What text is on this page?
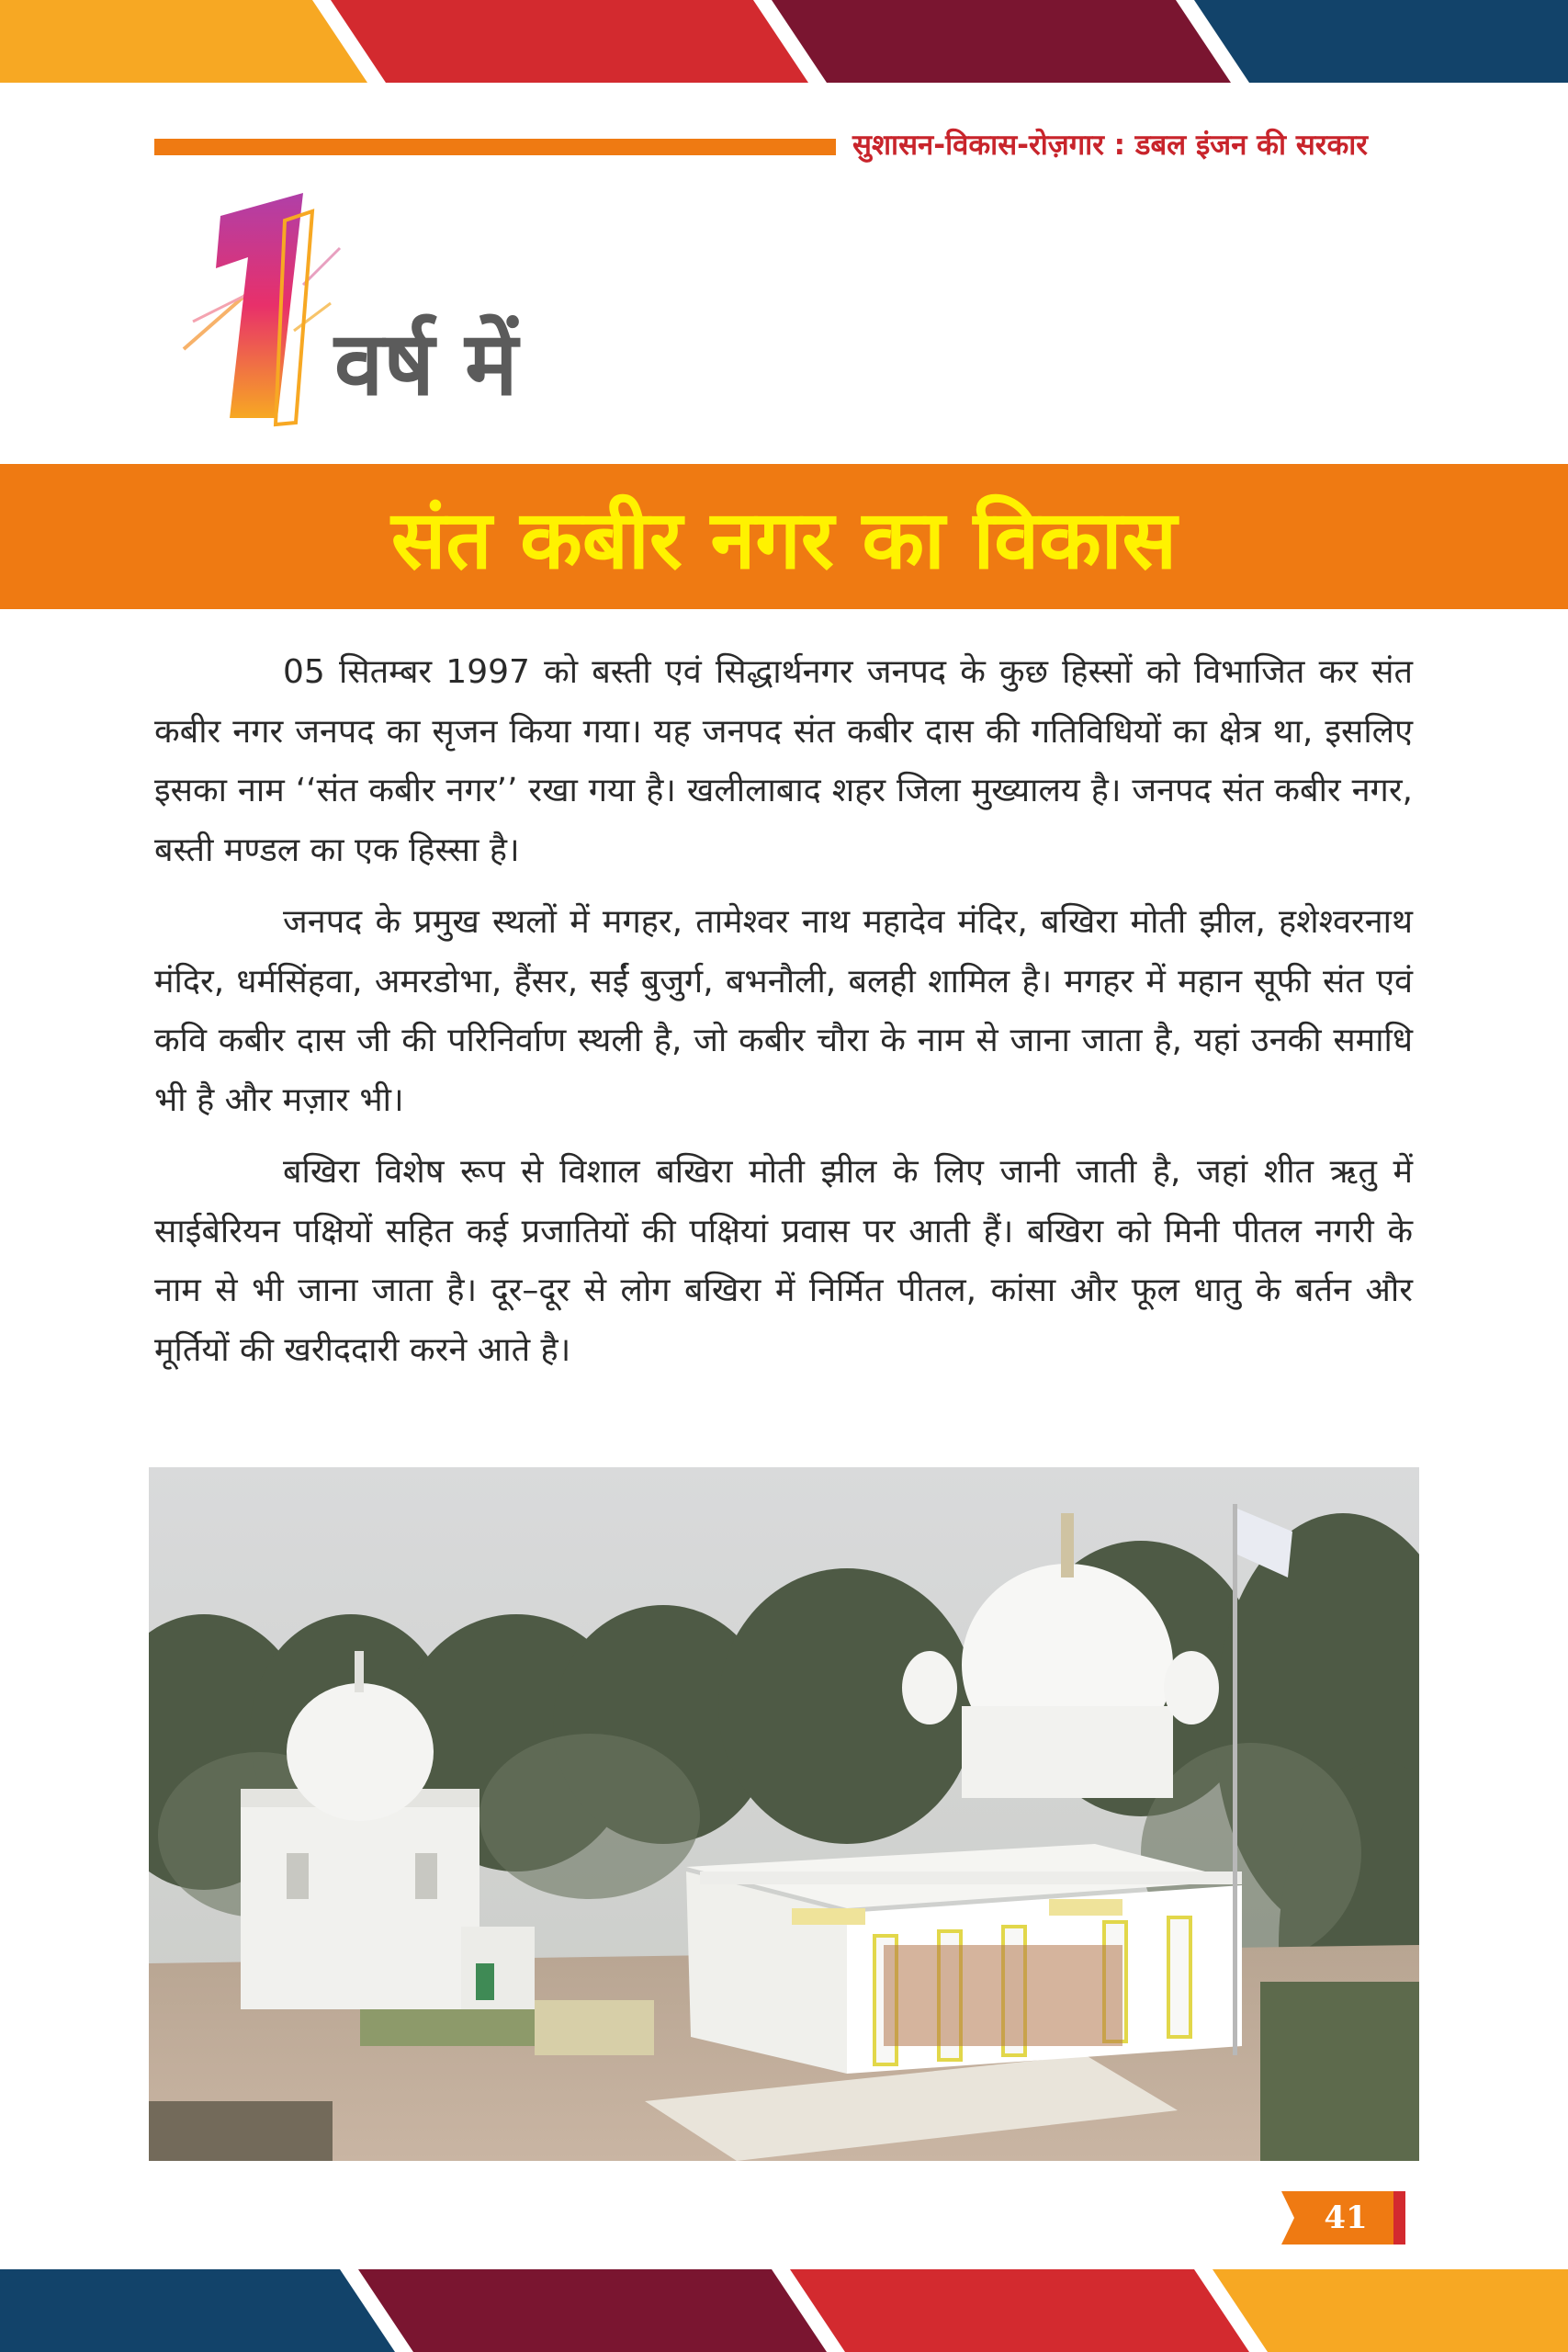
सुशासन-विकास-रोज़गार : डबल इंजन की सरकार
वर्ष में
संत कबीर नगर का विकास

05 सितम्बर 1997 को बस्ती एवं सिद्धार्थनगर जनपद के कुछ हिस्सों को विभाजित कर संत कबीर नगर जनपद का सृजन किया गया। यह जनपद संत कबीर दास की गतिविधियों का क्षेत्र था, इसलिए इसका नाम ‘‘संत कबीर नगर’’ रखा गया है। खलीलाबाद शहर जिला मुख्यालय है। जनपद संत कबीर नगर, बस्ती मण्डल का एक हिस्सा है।

जनपद के प्रमुख स्थलों में मगहर, तामेश्वर नाथ महादेव मंदिर, बखिरा मोती झील, हशेश्वरनाथ मंदिर, धर्मसिंहवा, अमरडोभा, हैंसर, सईं बुजुर्ग, बभनौली, बलही शामिल है। मगहर में महान सूफी संत एवं कवि कबीर दास जी की परिनिर्वाण स्थली है, जो कबीर चौरा के नाम से जाना जाता है, यहां उनकी समाधि भी है और मज़ार भी।

बखिरा विशेष रूप से विशाल बखिरा मोती झील के लिए जानी जाती है, जहां शीत ऋतु में साईबेरियन पक्षियों सहित कई प्रजातियों की पक्षियां प्रवास पर आती हैं। बखिरा को मिनी पीतल नगरी के नाम से भी जाना जाता है। दूर–दूर से लोग बखिरा में निर्मित पीतल, कांसा और फूल धातु के बर्तन और मूर्तियों की खरीददारी करने आते है।

41
